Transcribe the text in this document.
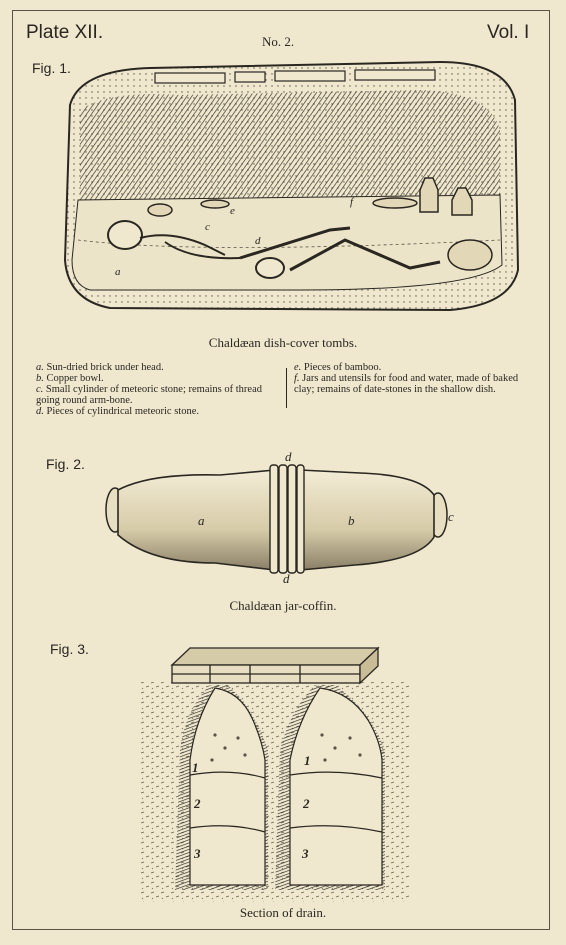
Plate XII.	No. 2.	Vol. I
Fig. 1.
a
c
d
e
f
Chaldæan dish-cover tombs.
a. Sun-dried brick under head.
b. Copper bowl.
c. Small cylinder of meteoric stone; remains of thread going round arm-bone.
d. Pieces of cylindrical meteoric stone.
e. Pieces of bamboo.
f. Jars and utensils for food and water, made of baked clay; remains of date-stones in the shallow dish.
Fig. 2.
a	b	c
d
d
Chaldæan jar-coffin.
Fig. 3.
1
2
3
1
2
3
Section of drain.
